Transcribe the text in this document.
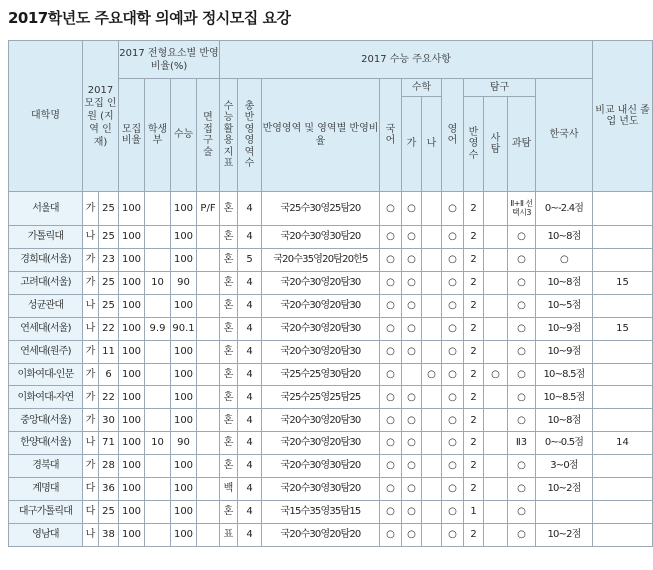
2017학년도 주요대학 의예과 정시모집 요강
대학명	2017 모집 인원 (지역 인재)		2017 전형요소별 반영비율(%)				2017 수능 주요사항											비교 내신 졸업 년도
			모집 비율	학생부	수능	면접 구술	수능 활용 지표	총 반영 영역 수	반영영역 및 영역별 반영비율	국어	수학		영어	탐구			한국사	
											가	나		반영 수	사탐	과탐		
서울대	가	25	100		100	P/F	혼	4	국25수30영25탐20	○	○		○	2		Ⅱ+Ⅱ 선택시3	0~-2.4점	
가톨릭대	나	25	100		100		혼	4	국20수30영30탐20	○	○		○	2		○	10~8점	
경희대(서울)	가	23	100		100		혼	5	국20수35영20탐20한5	○	○		○	2		○	○	
고려대(서울)	가	25	100	10	90		혼	4	국20수30영20탐30	○	○		○	2		○	10~8점	15
성균관대	나	25	100		100		혼	4	국20수30영20탐30	○	○		○	2		○	10~5점	
연세대(서울)	나	22	100	9.9	90.1		혼	4	국20수30영20탐30	○	○		○	2		○	10~9점	15
연세대(원주)	가	11	100		100		혼	4	국20수30영20탐30	○	○		○	2		○	10~9점	
이화여대-인문	가	6	100		100		혼	4	국25수25영30탐20	○		○	○	2	○	○	10~8.5점	
이화여대-자연	가	22	100		100		혼	4	국25수25영25탐25	○	○		○	2		○	10~8.5점	
중앙대(서울)	가	30	100		100		혼	4	국20수30영20탐30	○	○		○	2		○	10~8점	
한양대(서울)	나	71	100	10	90		혼	4	국20수30영20탐30	○	○		○	2		Ⅱ3	0~-0.5점	14
경북대	가	28	100		100		혼	4	국20수30영30탐20	○	○		○	2		○	3~0점	
계명대	다	36	100		100		백	4	국20수30영30탐20	○	○		○	2		○	10~2점	
대구가톨릭대	다	25	100		100		혼	4	국15수35영35탐15	○	○		○	1		○		
영남대	나	38	100		100		표	4	국20수30영20탐20	○	○		○	2		○	10~2점	
